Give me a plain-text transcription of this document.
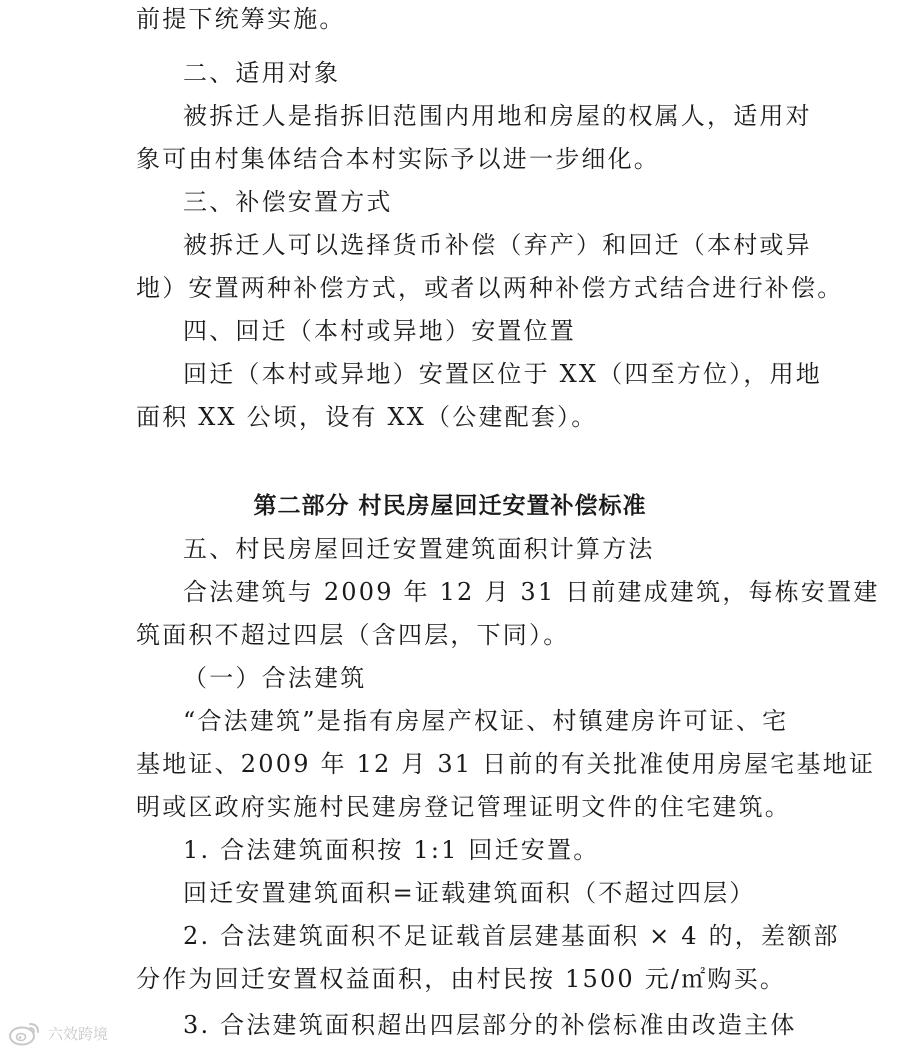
前提下统筹实施。
二、适用对象
被拆迁人是指拆旧范围内用地和房屋的权属人，适用对
象可由村集体结合本村实际予以进一步细化。
三、补偿安置方式
被拆迁人可以选择货币补偿（弃产）和回迁（本村或异
地）安置两种补偿方式，或者以两种补偿方式结合进行补偿。
四、回迁（本村或异地）安置位置
回迁（本村或异地）安置区位于 XX（四至方位），用地
面积 XX 公顷，设有 XX（公建配套）。
第二部分 村民房屋回迁安置补偿标准
五、村民房屋回迁安置建筑面积计算方法
合法建筑与 2009 年 12 月 31 日前建成建筑，每栋安置建
筑面积不超过四层（含四层，下同）。
（一）合法建筑
“合法建筑”是指有房屋产权证、村镇建房许可证、宅
基地证、2009 年 12 月 31 日前的有关批准使用房屋宅基地证
明或区政府实施村民建房登记管理证明文件的住宅建筑。
1. 合法建筑面积按 1:1 回迁安置。
回迁安置建筑面积=证载建筑面积（不超过四层）
2. 合法建筑面积不足证载首层建基面积 × 4 的，差额部
分作为回迁安置权益面积，由村民按 1500 元/㎡购买。
3. 合法建筑面积超出四层部分的补偿标准由改造主体
六效跨境
